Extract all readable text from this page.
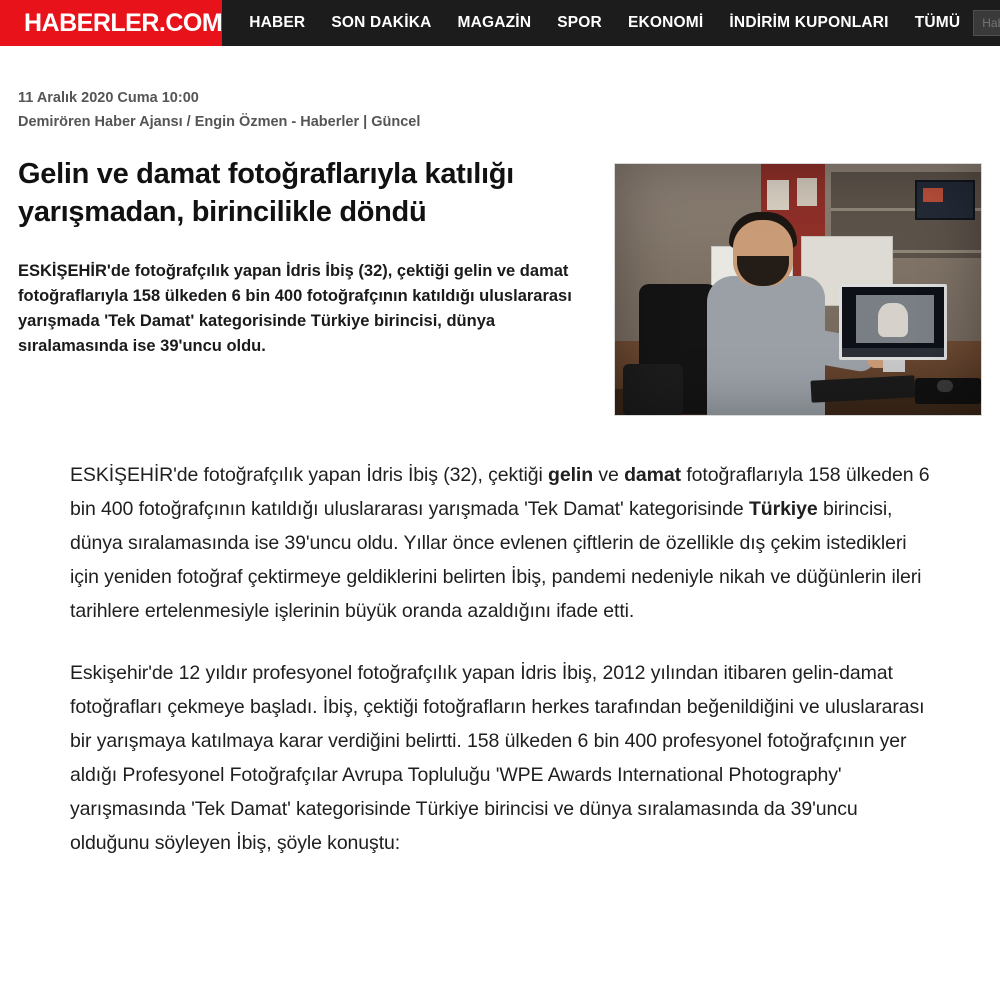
HABERLER.COM	HABER	SON DAKİKA	MAGAZİN	SPOR	EKONOMİ	İNDİRİM KUPONLARI	TÜMÜ
Haberlerde Ara
11 Aralık 2020 Cuma 10:00
Demirören Haber Ajansı / Engin Özmen - Haberler | Güncel
Gelin ve damat fotoğraflarıyla katılığı yarışmadan, birincilikle döndü
ESKİŞEHİR'de fotoğrafçılık yapan İdris İbiş (32), çektiği gelin ve damat fotoğraflarıyla 158 ülkeden 6 bin 400 fotoğrafçının katıldığı uluslararası yarışmada 'Tek Damat' kategorisinde Türkiye birincisi, dünya sıralamasında ise 39'uncu oldu.

ESKİŞEHİR'de fotoğrafçılık yapan İdris İbiş (32), çektiği gelin ve damat fotoğraflarıyla 158 ülkeden 6 bin 400 fotoğrafçının katıldığı uluslararası yarışmada 'Tek Damat' kategorisinde Türkiye birincisi, dünya sıralamasında ise 39'uncu oldu. Yıllar önce evlenen çiftlerin de özellikle dış çekim istedikleri için yeniden fotoğraf çektirmeye geldiklerini belirten İbiş, pandemi nedeniyle nikah ve düğünlerin ileri tarihlere ertelenmesiyle işlerinin büyük oranda azaldığını ifade etti.

Eskişehir'de 12 yıldır profesyonel fotoğrafçılık yapan İdris İbiş, 2012 yılından itibaren gelin-damat fotoğrafları çekmeye başladı. İbiş, çektiği fotoğrafların herkes tarafından beğenildiğini ve uluslararası bir yarışmaya katılmaya karar verdiğini belirtti. 158 ülkeden 6 bin 400 profesyonel fotoğrafçının yer aldığı Profesyonel Fotoğrafçılar Avrupa Topluluğu 'WPE Awards International Photography' yarışmasında 'Tek Damat' kategorisinde Türkiye birincisi ve dünya sıralamasında da 39'uncu olduğunu söyleyen İbiş, şöyle konuştu:
